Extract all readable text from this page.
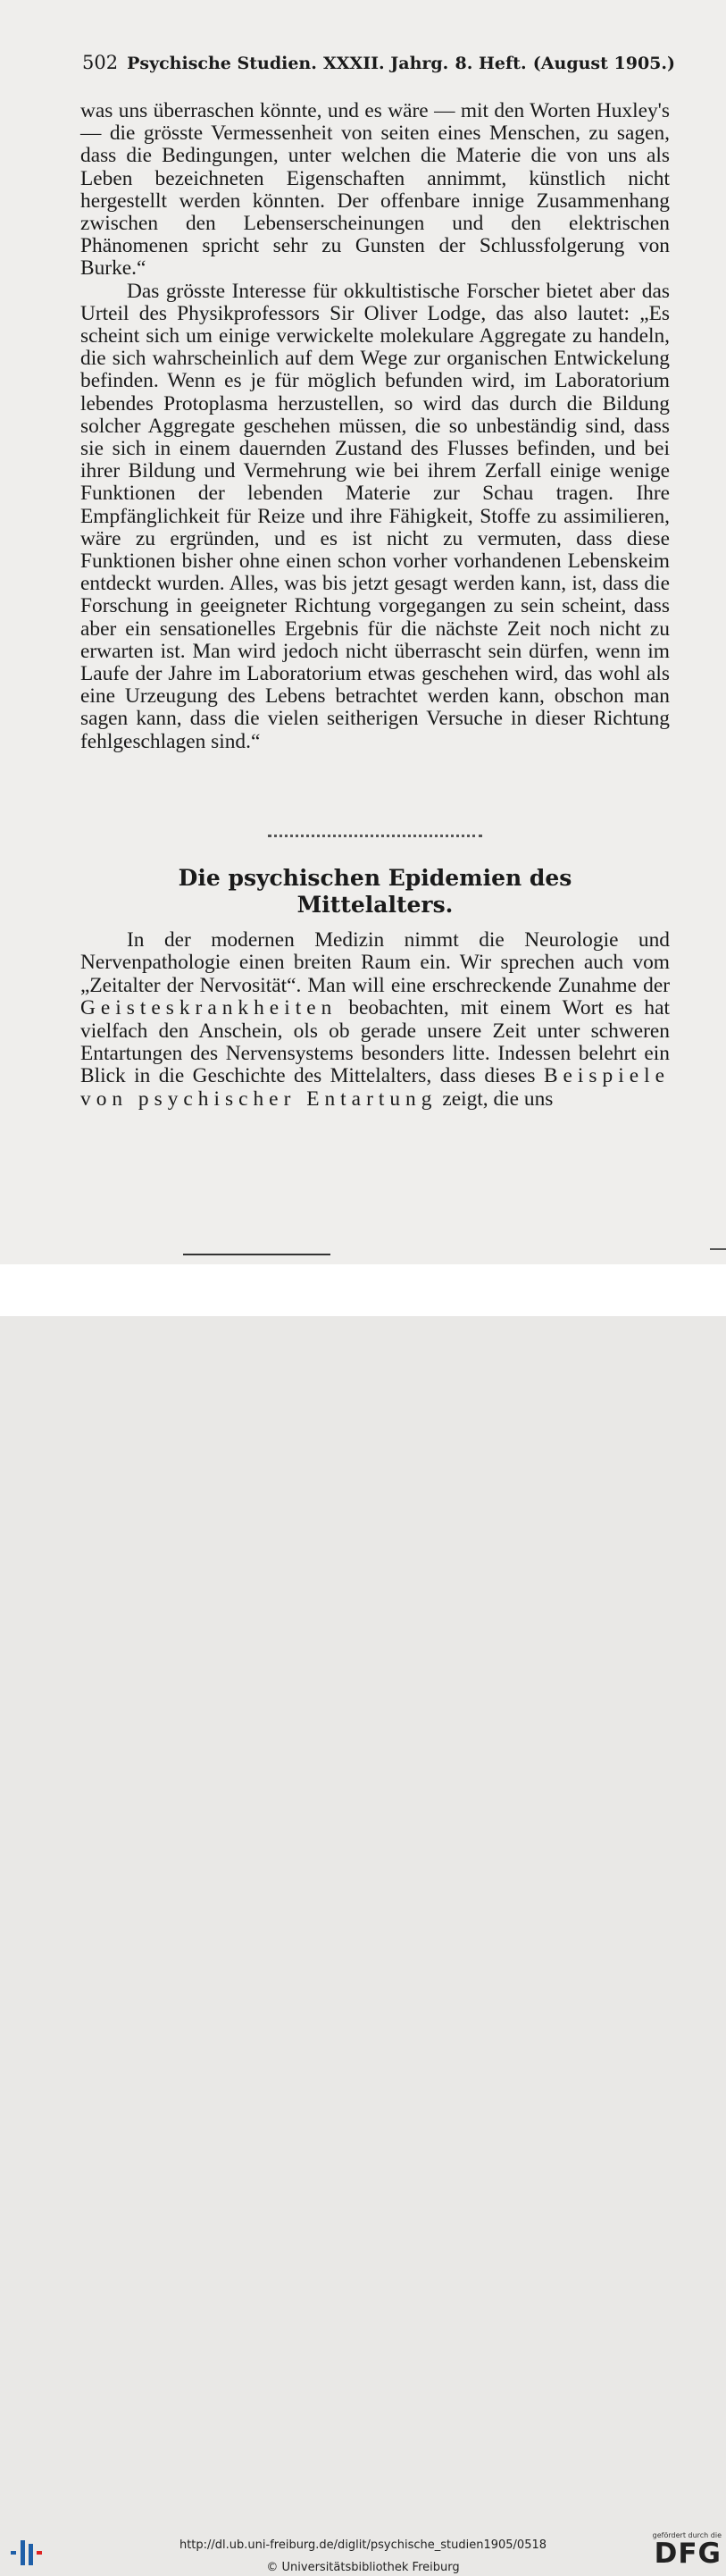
502 Psychische Studien. XXXII. Jahrg. 8. Heft. (August 1905.)

was uns überraschen könnte, und es wäre — mit den Worten Huxley's — die grösste Vermessenheit von seiten eines Menschen, zu sagen, dass die Bedingungen, unter welchen die Materie die von uns als Leben bezeichneten Eigenschaften annimmt, künstlich nicht hergestellt werden könnten. Der offenbare innige Zusammenhang zwischen den Lebenserscheinungen und den elektrischen Phänomenen spricht sehr zu Gunsten der Schlussfolgerung von Burke.“

Das grösste Interesse für okkultistische Forscher bietet aber das Urteil des Physikprofessors Sir Oliver Lodge, das also lautet: „Es scheint sich um einige verwickelte molekulare Aggregate zu handeln, die sich wahrscheinlich auf dem Wege zur organischen Entwickelung befinden. Wenn es je für möglich befunden wird, im Laboratorium lebendes Protoplasma herzustellen, so wird das durch die Bildung solcher Aggregate geschehen müssen, die so unbeständig sind, dass sie sich in einem dauernden Zustand des Flusses befinden, und bei ihrer Bildung und Vermehrung wie bei ihrem Zerfall einige wenige Funktionen der lebenden Materie zur Schau tragen. Ihre Empfänglichkeit für Reize und ihre Fähigkeit, Stoffe zu assimilieren, wäre zu ergründen, und es ist nicht zu vermuten, dass diese Funktionen bisher ohne einen schon vorher vorhandenen Lebenskeim entdeckt wurden. Alles, was bis jetzt gesagt werden kann, ist, dass die Forschung in geeigneter Richtung vorgegangen zu sein scheint, dass aber ein sensationelles Ergebnis für die nächste Zeit noch nicht zu erwarten ist. Man wird jedoch nicht überrascht sein dürfen, wenn im Laufe der Jahre im Laboratorium etwas geschehen wird, das wohl als eine Urzeugung des Lebens betrachtet werden kann, obschon man sagen kann, dass die vielen seitherigen Versuche in dieser Richtung fehlgeschlagen sind.“

Die psychischen Epidemien des
Mittelalters.

In der modernen Medizin nimmt die Neurologie und Nervenpathologie einen breiten Raum ein. Wir sprechen auch vom „Zeitalter der Nervosität“. Man will eine erschreckende Zunahme der Geisteskrankheiten beobachten, mit einem Wort es hat vielfach den Anschein, ols ob gerade unsere Zeit unter schweren Entartungen des Nervensystems besonders litte. Indessen belehrt ein Blick in die Geschichte des Mittelalters, dass dieses Beispiele von psychischer Entartung zeigt, die uns

http://dl.ub.uni-freiburg.de/diglit/psychische_studien1905/0518
© Universitätsbibliothek Freiburg
gefördert durch die
DFG
